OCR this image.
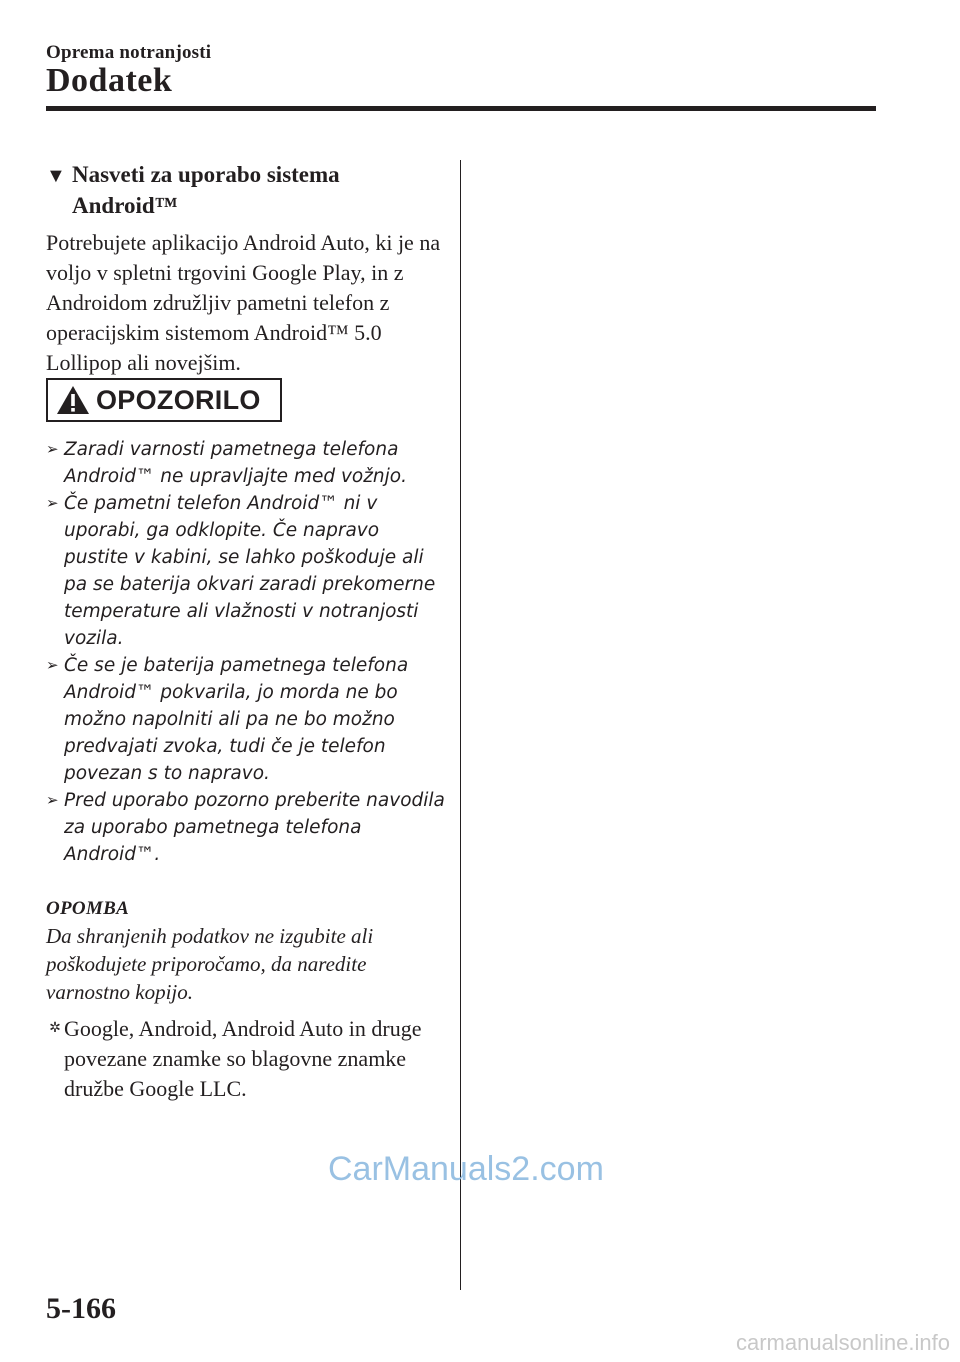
Oprema notranjosti
Dodatek
▼ Nasveti za uporabo sistema
Android™
Potrebujete aplikacijo Android Auto, ki je na voljo v spletni trgovini Google Play, in z Androidom združljiv pametni telefon z operacijskim sistemom Android™ 5.0 Lollipop ali novejšim.
OPOZORILO
➢ Zaradi varnosti pametnega telefona Android™ ne upravljajte med vožnjo.
➢ Če pametni telefon Android™ ni v uporabi, ga odklopite. Če napravo pustite v kabini, se lahko poškoduje ali pa se baterija okvari zaradi prekomerne temperature ali vlažnosti v notranjosti vozila.
➢ Če se je baterija pametnega telefona Android™ pokvarila, jo morda ne bo možno napolniti ali pa ne bo možno predvajati zvoka, tudi če je telefon povezan s to napravo.
➢ Pred uporabo pozorno preberite navodila za uporabo pametnega telefona Android™.
OPOMBA
Da shranjenih podatkov ne izgubite ali poškodujete priporočamo, da naredite varnostno kopijo.
✲ Google, Android, Android Auto in druge povezane znamke so blagovne znamke družbe Google LLC.
CarManuals2.com
5-166
carmanualsonline.info
